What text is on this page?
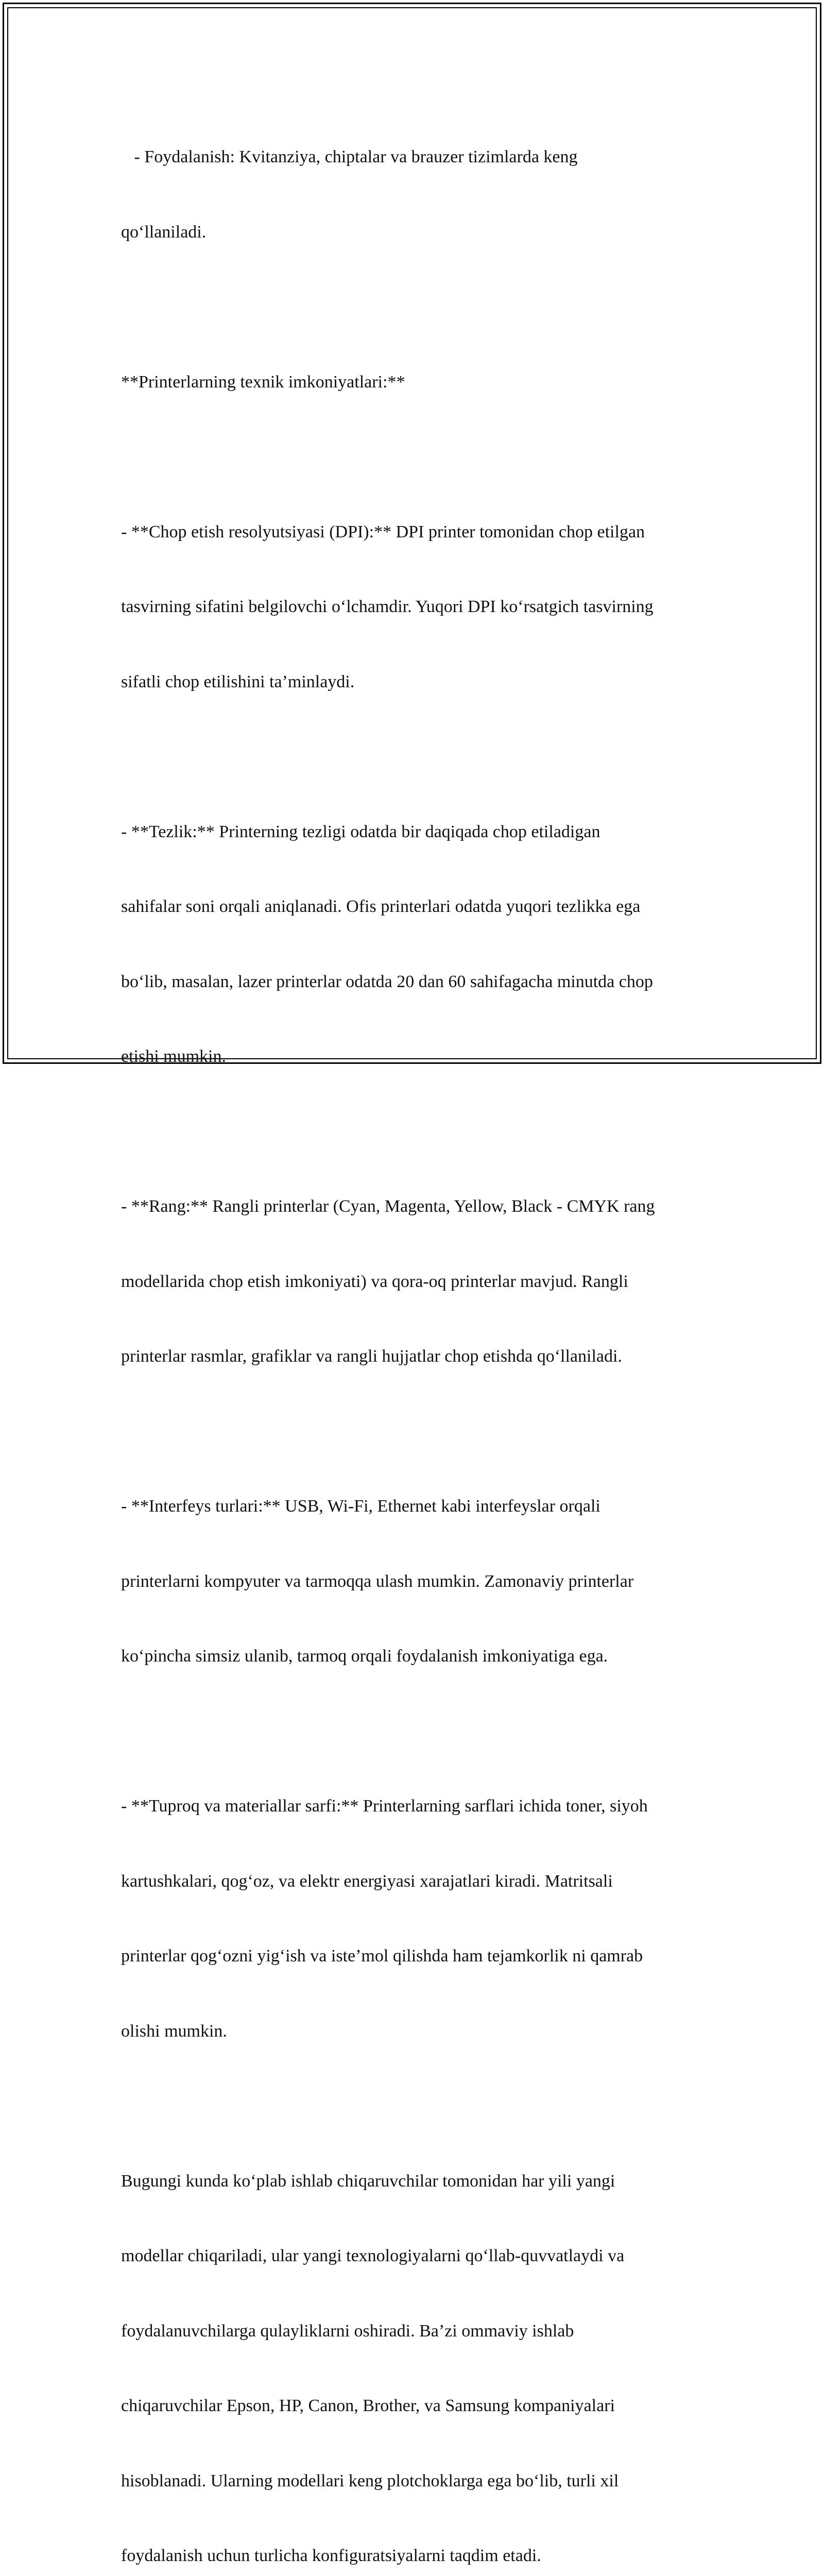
- Foydalanish: Kvitanziya, chiptalar va brauzer tizimlarda keng

qo‘llaniladi.

**Printerlarning texnik imkoniyatlari:**

- **Chop etish resolyutsiyasi (DPI):** DPI printer tomonidan chop etilgan

tasvirning sifatini belgilovchi o‘lchamdir. Yuqori DPI ko‘rsatgich tasvirning

sifatli chop etilishini ta’minlaydi.

- **Tezlik:** Printerning tezligi odatda bir daqiqada chop etiladigan

sahifalar soni orqali aniqlanadi. Ofis printerlari odatda yuqori tezlikka ega

bo‘lib, masalan, lazer printerlar odatda 20 dan 60 sahifagacha minutda chop

etishi mumkin.

- **Rang:** Rangli printerlar (Cyan, Magenta, Yellow, Black - CMYK rang

modellarida chop etish imkoniyati) va qora-oq printerlar mavjud. Rangli

printerlar rasmlar, grafiklar va rangli hujjatlar chop etishda qo‘llaniladi.

- **Interfeys turlari:** USB, Wi-Fi, Ethernet kabi interfeyslar orqali

printerlarni kompyuter va tarmoqqa ulash mumkin. Zamonaviy printerlar

ko‘pincha simsiz ulanib, tarmoq orqali foydalanish imkoniyatiga ega.

- **Tuproq va materiallar sarfi:** Printerlarning sarflari ichida toner, siyoh

kartushkalari, qog‘oz, va elektr energiyasi xarajatlari kiradi. Matritsali

printerlar qog‘ozni yig‘ish va iste’mol qilishda ham tejamkorlik ni qamrab

olishi mumkin.

Bugungi kunda ko‘plab ishlab chiqaruvchilar tomonidan har yili yangi

modellar chiqariladi, ular yangi texnologiyalarni qo‘llab-quvvatlaydi va

foydalanuvchilarga qulayliklarni oshiradi. Ba’zi ommaviy ishlab

chiqaruvchilar Epson, HP, Canon, Brother, va Samsung kompaniyalari

hisoblanadi. Ularning modellari keng plotchoklarga ega bo‘lib, turli xil

foydalanish uchun turlicha konfiguratsiyalarni taqdim etadi.
